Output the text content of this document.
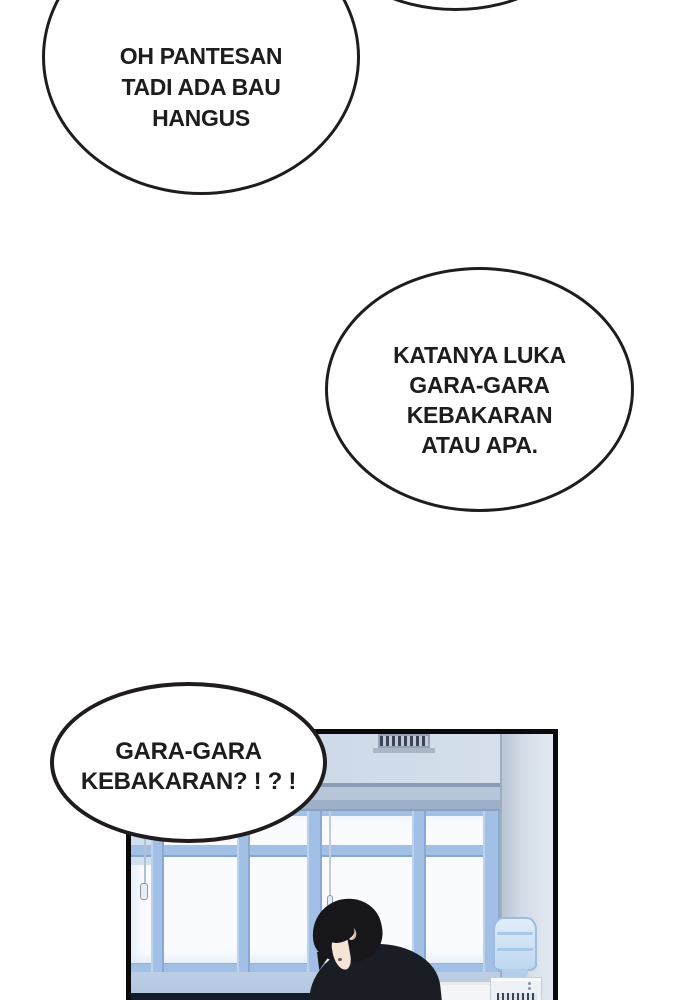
OH PANTESAN
TADI ADA BAU
HANGUS
KATANYA LUKA
GARA-GARA
KEBAKARAN
ATAU APA.
GARA-GARA
KEBAKARAN? ! ? !
